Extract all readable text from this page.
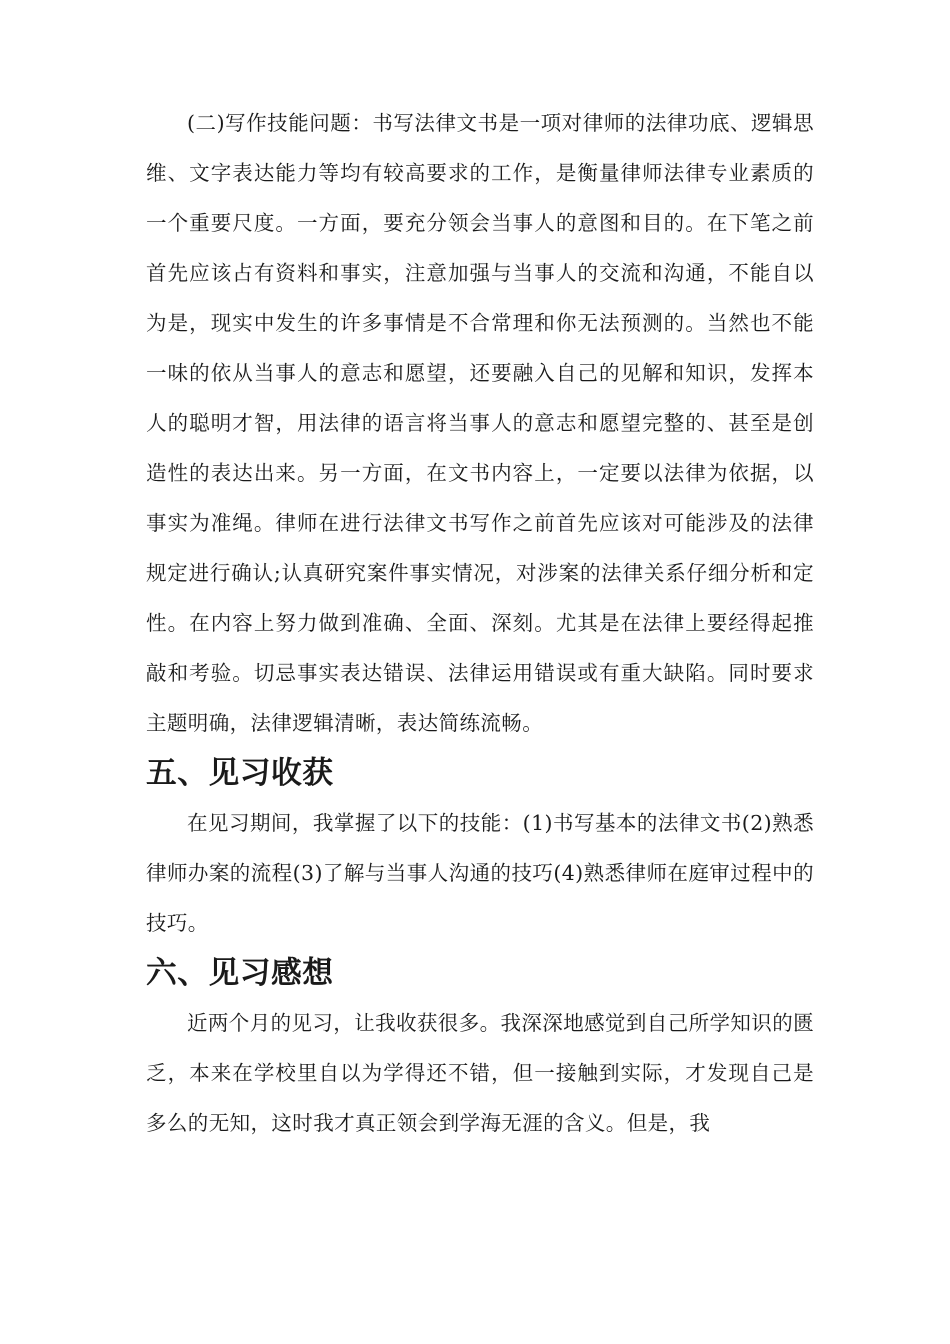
(二)写作技能问题：书写法律文书是一项对律师的法律功底、逻辑思维、文字表达能力等均有较高要求的工作，是衡量律师法律专业素质的一个重要尺度。一方面，要充分领会当事人的意图和目的。在下笔之前首先应该占有资料和事实，注意加强与当事人的交流和沟通，不能自以为是，现实中发生的许多事情是不合常理和你无法预测的。当然也不能一味的依从当事人的意志和愿望，还要融入自己的见解和知识，发挥本人的聪明才智，用法律的语言将当事人的意志和愿望完整的、甚至是创造性的表达出来。另一方面，在文书内容上，一定要以法律为依据，以事实为准绳。律师在进行法律文书写作之前首先应该对可能涉及的法律规定进行确认;认真研究案件事实情况，对涉案的法律关系仔细分析和定性。在内容上努力做到准确、全面、深刻。尤其是在法律上要经得起推敲和考验。切忌事实表达错误、法律运用错误或有重大缺陷。同时要求主题明确，法律逻辑清晰，表达简练流畅。

五、见习收获

在见习期间，我掌握了以下的技能：(1)书写基本的法律文书(2)熟悉律师办案的流程(3)了解与当事人沟通的技巧(4)熟悉律师在庭审过程中的技巧。

六、见习感想

近两个月的见习，让我收获很多。我深深地感觉到自己所学知识的匮乏，本来在学校里自以为学得还不错，但一接触到实际，才发现自己是多么的无知，这时我才真正领会到学海无涯的含义。但是，我
